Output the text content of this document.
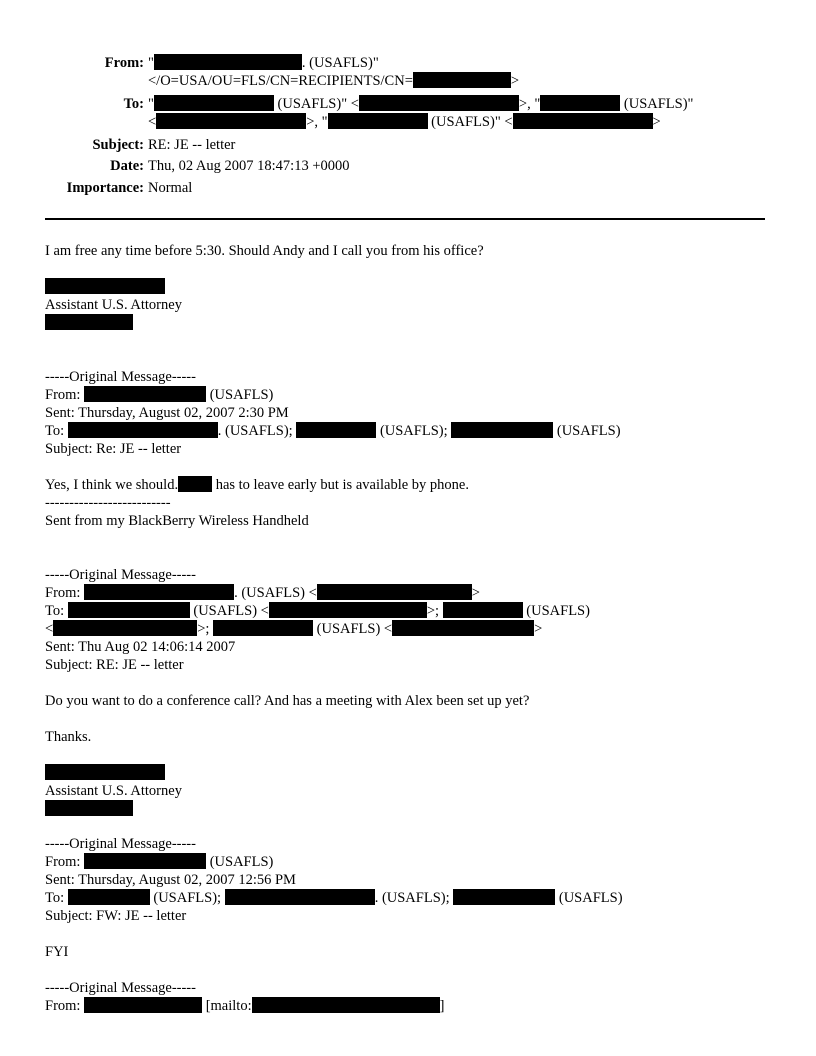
From: "	. (USAFLS)"
</O=USA/OU=FLS/CN=RECIPIENTS/CN=	>
To: "	(USAFLS)" <	>, "	(USAFLS)"
<	>, "	(USAFLS)" <	>
Subject: RE: JE -- letter
Date: Thu, 02 Aug 2007 18:47:13 +0000
Importance: Normal
I am free any time before 5:30. Should Andy and I call you from his office?
Assistant U.S. Attorney
-----Original Message-----
From:	(USAFLS)
Sent: Thursday, August 02, 2007 2:30 PM
To:	. (USAFLS);	(USAFLS);	(USAFLS)
Subject: Re: JE -- letter
Yes, I think we should. has to leave early but is available by phone.
--------------------------
Sent from my BlackBerry Wireless Handheld
-----Original Message-----
From:	. (USAFLS) <	>
To:	(USAFLS) <	>;	(USAFLS)
<	>;	(USAFLS) <	>
Sent: Thu Aug 02 14:06:14 2007
Subject: RE: JE -- letter
Do you want to do a conference call? And has a meeting with Alex been set up yet?
Thanks.
Assistant U.S. Attorney
-----Original Message-----
From:	(USAFLS)
Sent: Thursday, August 02, 2007 12:56 PM
To:	(USAFLS);	. (USAFLS);	(USAFLS)
Subject: FW: JE -- letter
FYI
-----Original Message-----
From:	[mailto:	]
